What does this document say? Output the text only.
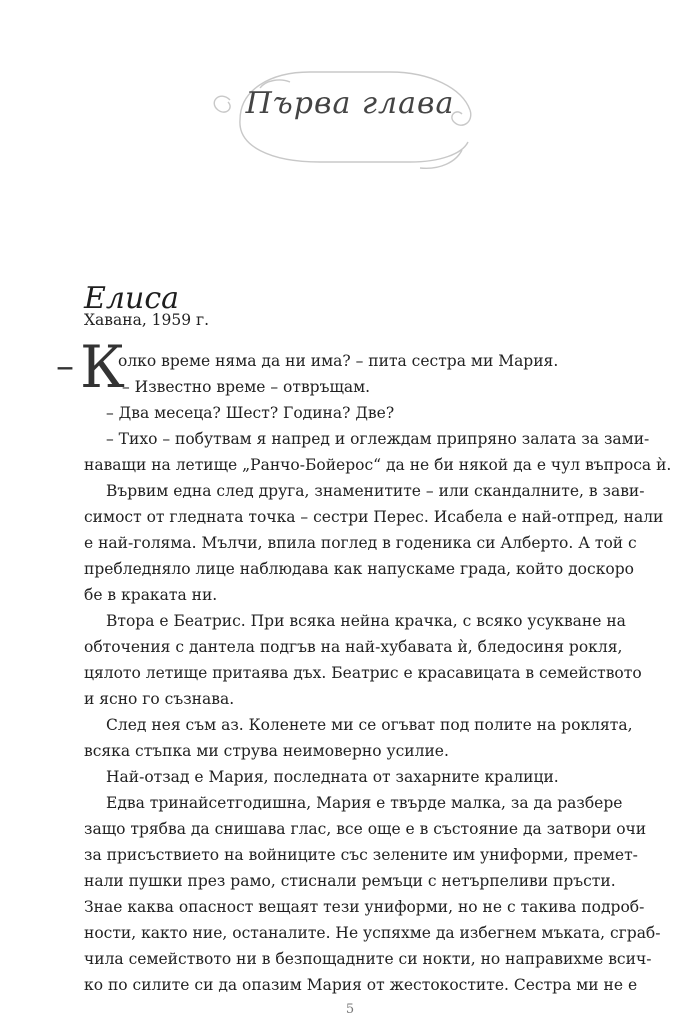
Първа глава
Елиса
Хавана, 1959 г.
– К
олко време няма да ни има? – пита сестра ми Мария.
– Известно време – отвръщам.
– Два месеца? Шест? Година? Две?
– Тихо – побутвам я напред и оглеждам припряно залата за зами-
наващи на летище „Ранчо-Бойерос“ да не би някой да е чул въпроса ѝ.
Вървим една след друга, знаменитите – или скандалните, в зави-
симост от гледната точка – сестри Перес. Исабела е най-отпред, нали
е най-голяма. Мълчи, впила поглед в годеника си Алберто. А той с
пребледняло лице наблюдава как напускаме града, който доскоро
бе в краката ни.
Втора е Беатрис. При всяка нейна крачка, с всяко усукване на
обточения с дантела подгъв на най-хубавата ѝ, бледосиня рокля,
цялото летище притаява дъх. Беатрис е красавицата в семейството
и ясно го съзнава.
След нея съм аз. Коленете ми се огъват под полите на роклята,
всяка стъпка ми струва неимоверно усилие.
Най-отзад е Мария, последната от захарните кралици.
Едва тринайсетгодишна, Мария е твърде малка, за да разбере
защо трябва да снишава глас, все още е в състояние да затвори очи
за присъствието на войниците със зелените им униформи, премет-
нали пушки през рамо, стиснали ремъци с нетърпеливи пръсти.
Знае каква опасност вещаят тези униформи, но не с такива подроб-
ности, както ние, останалите. Не успяхме да избегнем мъката, сграб-
чила семейството ни в безпощадните си нокти, но направихме всич-
ко по силите си да опазим Мария от жестокостите. Сестра ми не е
5
